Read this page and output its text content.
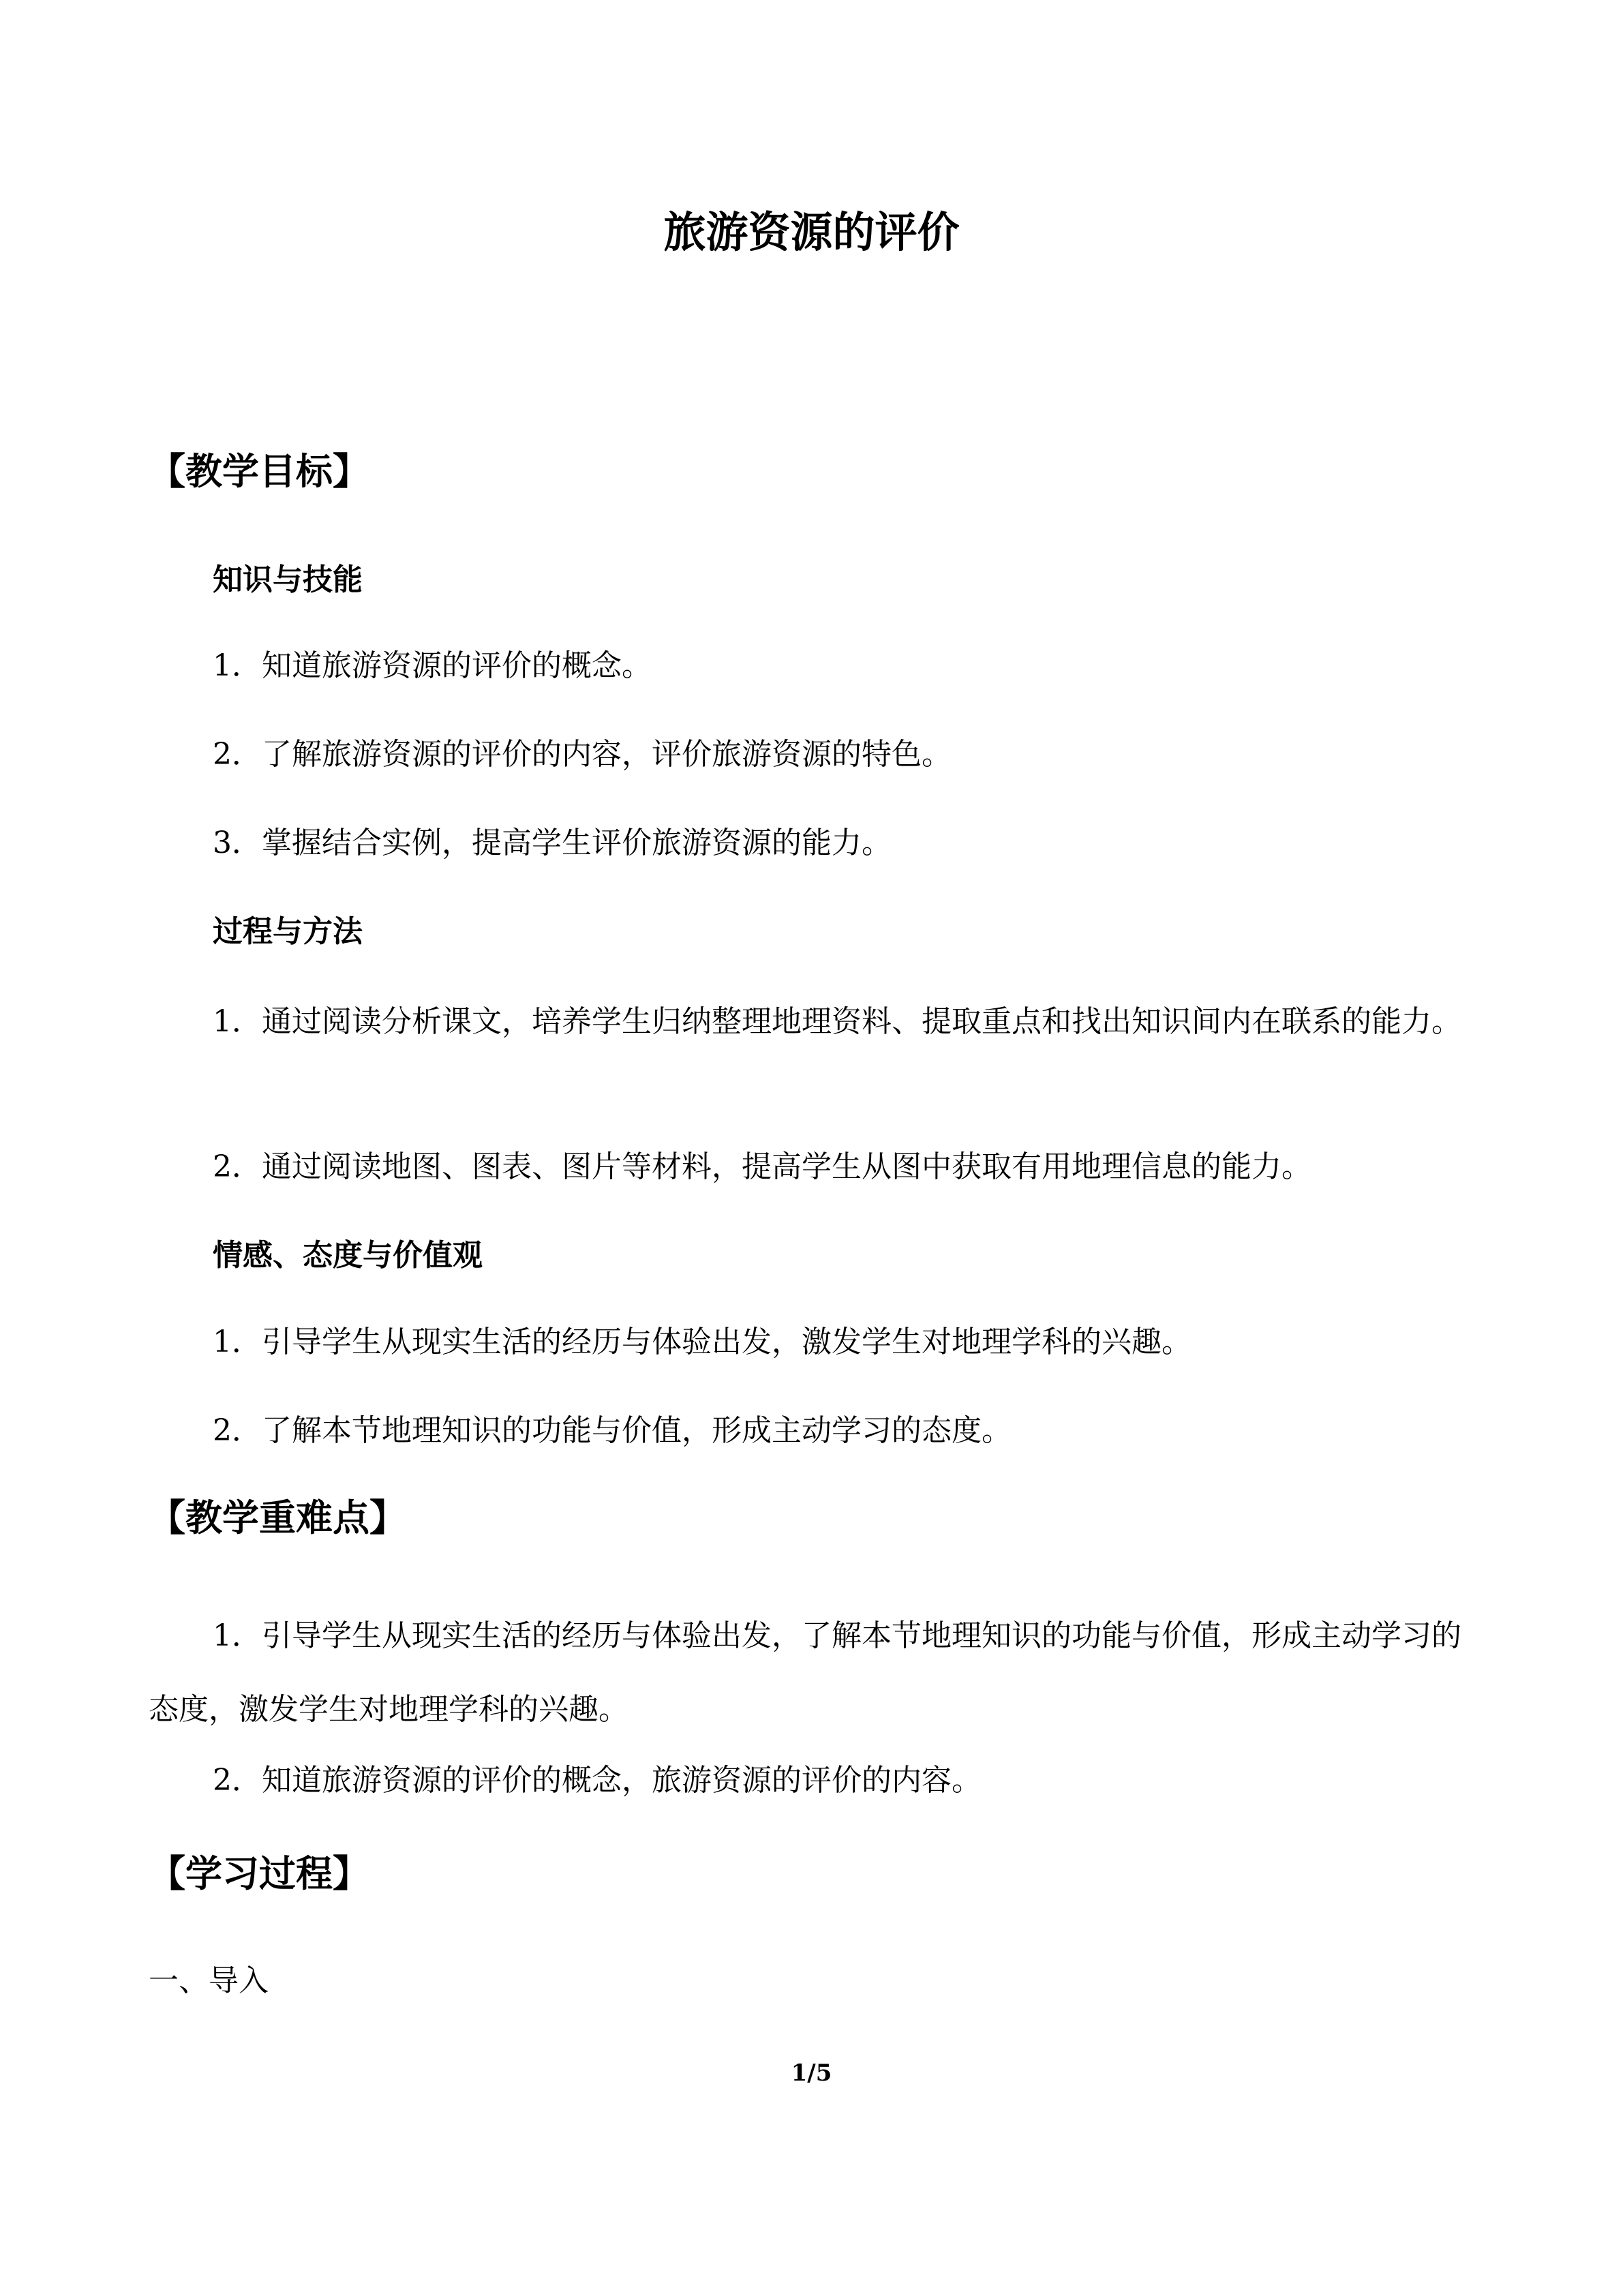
旅游资源的评价
【教学目标】
知识与技能
1．知道旅游资源的评价的概念。
2．了解旅游资源的评价的内容，评价旅游资源的特色。
3．掌握结合实例，提高学生评价旅游资源的能力。
过程与方法
1．通过阅读分析课文，培养学生归纳整理地理资料、提取重点和找出知识间内在联系的能力。
2．通过阅读地图、图表、图片等材料，提高学生从图中获取有用地理信息的能力。
情感、态度与价值观
1．引导学生从现实生活的经历与体验出发，激发学生对地理学科的兴趣。
2．了解本节地理知识的功能与价值，形成主动学习的态度。
【教学重难点】
1．引导学生从现实生活的经历与体验出发，了解本节地理知识的功能与价值，形成主动学习的态度，激发学生对地理学科的兴趣。
2．知道旅游资源的评价的概念，旅游资源的评价的内容。
【学习过程】
一、导入
1/5
